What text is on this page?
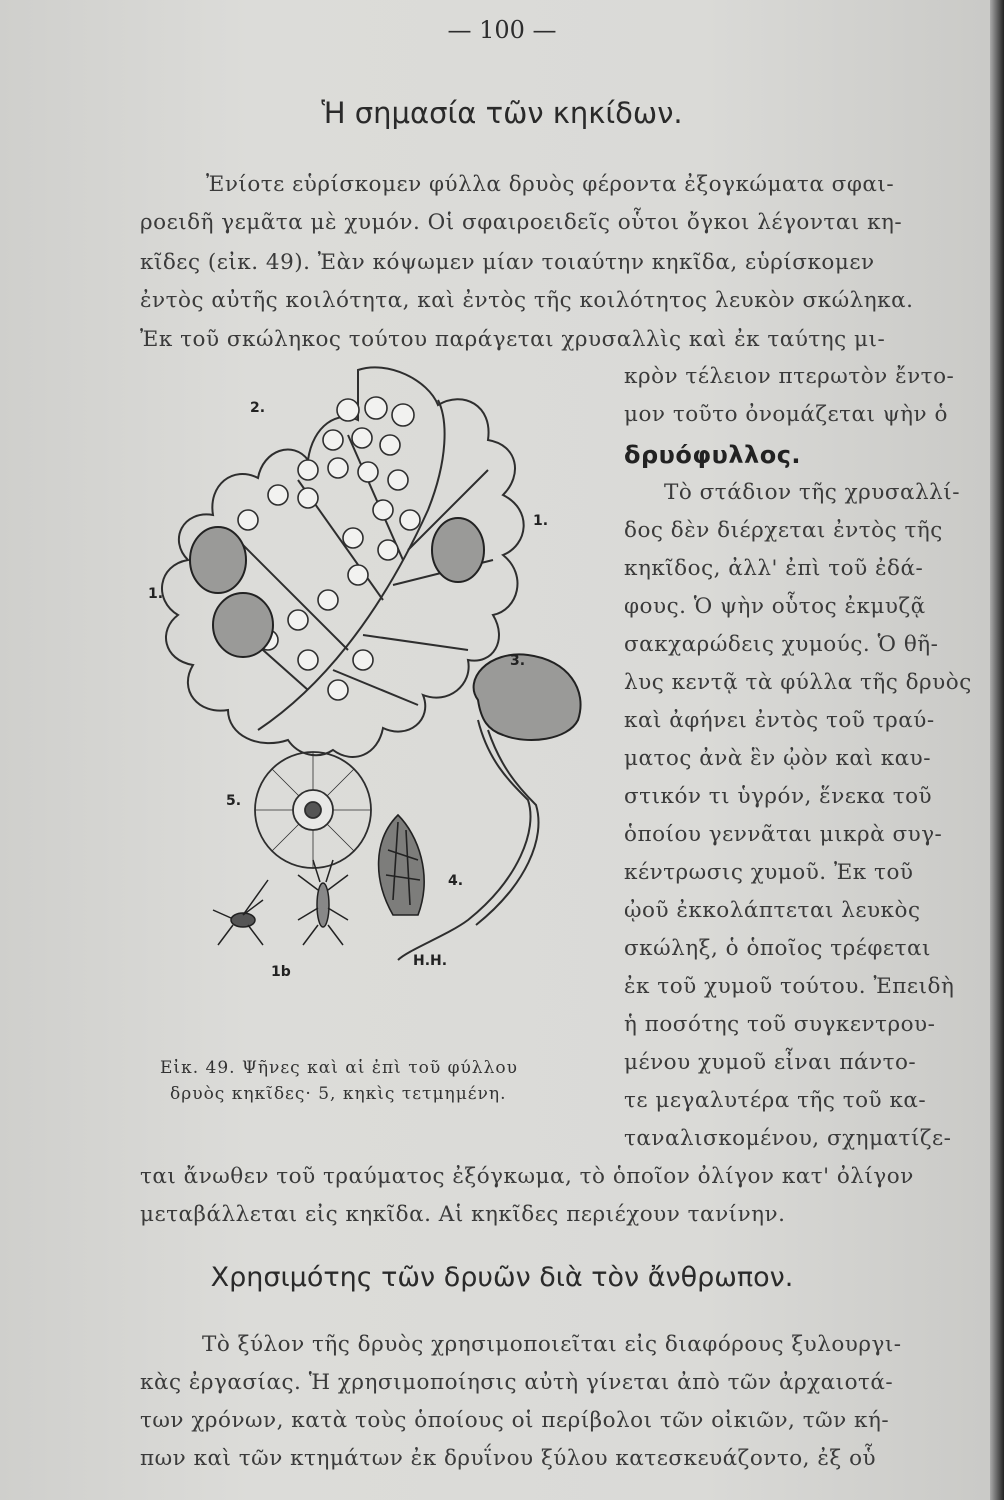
— 100 —
Ἡ σημασία τῶν κηκίδων.
Ἐνίοτε εὑρίσκομεν φύλλα δρυὸς φέροντα ἐξογκώματα σφαι-
ροειδῆ γεμᾶτα μὲ χυμόν. Οἱ σφαιροειδεῖς οὗτοι ὄγκοι λέγονται κη-
κῖδες (εἰκ. 49). Ἐὰν κόψωμεν μίαν τοιαύτην κηκῖδα, εὑρίσκομεν
ἐντὸς αὐτῆς κοιλότητα, καὶ ἐντὸς τῆς κοιλότητος λευκὸν σκώληκα.
Ἐκ τοῦ σκώληκος τούτου παράγεται χρυσαλλὶς καὶ ἐκ ταύτης μι-
κρὸν τέλειον πτερωτὸν ἔντο-
μον τοῦτο ὀνομάζεται ψὴν ὁ
δρυόφυλλος.
Τὸ στάδιον τῆς χρυσαλλί-
δος δὲν διέρχεται ἐντὸς τῆς
κηκῖδος, ἀλλ' ἐπὶ τοῦ ἐδά-
φους. Ὁ ψὴν οὗτος ἐκμυζᾷ
σακχαρώδεις χυμούς. Ὁ θῆ-
λυς κεντᾷ τὰ φύλλα τῆς δρυὸς
καὶ ἀφήνει ἐντὸς τοῦ τραύ-
ματος ἀνὰ ἓν ᾠὸν καὶ καυ-
στικόν τι ὑγρόν, ἕνεκα τοῦ
ὁποίου γεννᾶται μικρὰ συγ-
κέντρωσις χυμοῦ. Ἐκ τοῦ
ᾠοῦ ἐκκολάπτεται λευκὸς
σκώληξ, ὁ ὁποῖος τρέφεται
ἐκ τοῦ χυμοῦ τούτου. Ἐπειδὴ
ἡ ποσότης τοῦ συγκεντρου-
μένου χυμοῦ εἶναι πάντο-
τε μεγαλυτέρα τῆς τοῦ κα-
ταναλισκομένου, σχηματίζε-
2.
1.
1.
3.
5.
4.
1b
H.H.
Εἰκ. 49. Ψῆνες καὶ αἱ ἐπὶ τοῦ φύλλου
δρυὸς κηκῖδες· 5, κηκὶς τετμημένη.
ται ἄνωθεν τοῦ τραύματος ἐξόγκωμα, τὸ ὁποῖον ὀλίγον κατ' ὀλίγον
μεταβάλλεται εἰς κηκῖδα. Αἱ κηκῖδες περιέχουν τανίνην.
Χρησιμότης τῶν δρυῶν διὰ τὸν ἄνθρωπον.
Τὸ ξύλον τῆς δρυὸς χρησιμοποιεῖται εἰς διαφόρους ξυλουργι-
κὰς ἐργασίας. Ἡ χρησιμοποίησις αὐτὴ γίνεται ἀπὸ τῶν ἀρχαιοτά-
των χρόνων, κατὰ τοὺς ὁποίους οἱ περίβολοι τῶν οἰκιῶν, τῶν κή-
πων καὶ τῶν κτημάτων ἐκ δρυΐνου ξύλου κατεσκευάζοντο, ἐξ οὗ
